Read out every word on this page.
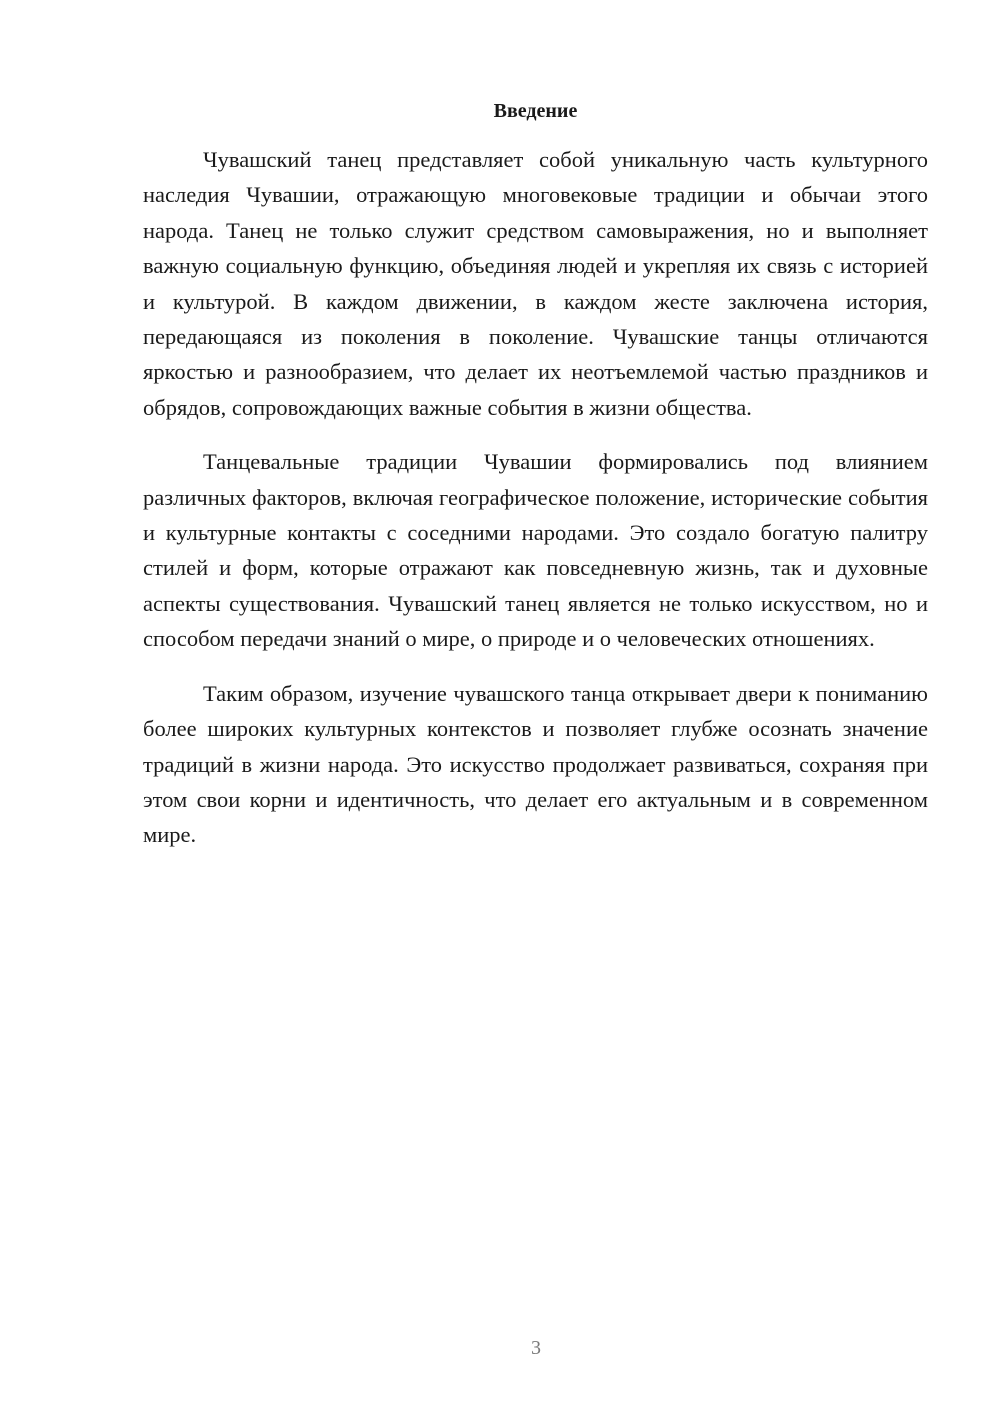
Введение

Чувашский танец представляет собой уникальную часть культурного наследия Чувашии, отражающую многовековые традиции и обычаи этого народа. Танец не только служит средством самовыражения, но и выполняет важную социальную функцию, объединяя людей и укрепляя их связь с историей и культурой. В каждом движении, в каждом жесте заключена история, передающаяся из поколения в поколение. Чувашские танцы отличаются яркостью и разнообразием, что делает их неотъемлемой частью праздников и обрядов, сопровождающих важные события в жизни общества.

Танцевальные традиции Чувашии формировались под влиянием различных факторов, включая географическое положение, исторические события и культурные контакты с соседними народами. Это создало богатую палитру стилей и форм, которые отражают как повседневную жизнь, так и духовные аспекты существования. Чувашский танец является не только искусством, но и способом передачи знаний о мире, о природе и о человеческих отношениях.

Таким образом, изучение чувашского танца открывает двери к пониманию более широких культурных контекстов и позволяет глубже осознать значение традиций в жизни народа. Это искусство продолжает развиваться, сохраняя при этом свои корни и идентичность, что делает его актуальным и в современном мире.

3
